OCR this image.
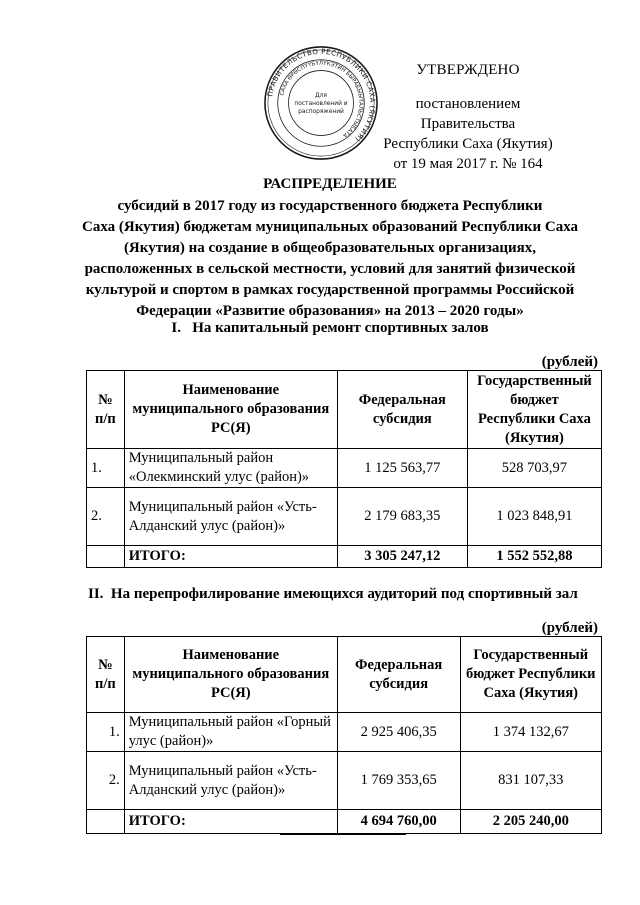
УТВЕРЖДЕНО
постановлением Правительства
Республики Саха (Якутия)
от 19 мая 2017 г. № 164
ПРАВИТЕЛЬСТВО РЕСПУБЛИКИ САХА (ЯКУТИЯ)
САХА ӨРӨСПҮҮБҮЛҮКЭТИН БЫРАБЫЫТАЛЬСТЫБАТА
Для
постановлений и
распоряжений
РАСПРЕДЕЛЕНИЕ
субсидий в 2017 году из государственного бюджета Республики
Саха (Якутия) бюджетам муниципальных образований Республики Саха
(Якутия) на создание в общеобразовательных организациях,
расположенных в сельской местности, условий для занятий физической
культурой и спортом в рамках государственной программы Российской
Федерации «Развитие образования» на 2013 – 2020 годы»
I.   На капитальный ремонт спортивных залов
(рублей)
№ п/п	Наименование муниципального образования РС(Я)	Федеральная субсидия	Государственный бюджет Республики Саха (Якутия)
1.	Муниципальный район «Олекминский улус (район)»	1 125 563,77	528 703,97
2.	Муниципальный район «Усть-Алданский улус (район)»	2 179 683,35	1 023 848,91
	ИТОГО:	3 305 247,12	1 552 552,88
II.  На перепрофилирование имеющихся аудиторий под спортивный зал
(рублей)
№ п/п	Наименование муниципального образования РС(Я)	Федеральная субсидия	Государственный бюджет Республики Саха (Якутия)
1.	Муниципальный район «Горный улус (район)»	2 925 406,35	1 374 132,67
2.	Муниципальный район «Усть-Алданский улус (район)»	1 769 353,65	831 107,33
	ИТОГО:	4 694 760,00	2 205 240,00
